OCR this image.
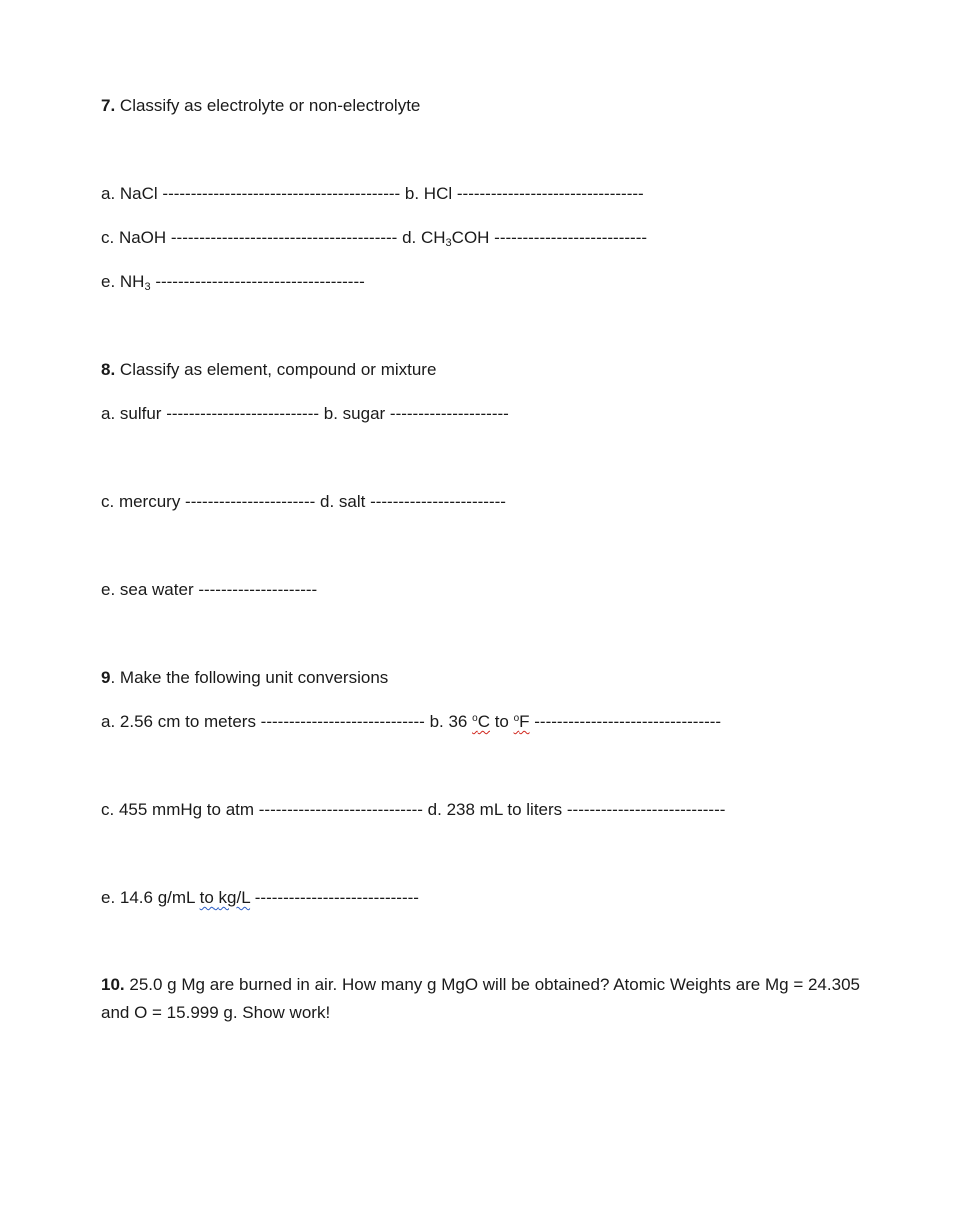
7. Classify as electrolyte or non-electrolyte
a. NaCl ------------------------------------------ b. HCl ---------------------------------
c. NaOH ---------------------------------------- d. $CH_3COH$ ---------------------------
e. $NH_3$ -------------------------------------
8. Classify as element, compound or mixture
a. sulfur --------------------------- b. sugar ---------------------
c. mercury ----------------------- d. salt ------------------------
e. sea water ---------------------
9. Make the following unit conversions
a. 2.56 cm to meters ----------------------------- b. 36 $^o$C to $^o$F ---------------------------------
c. 455 mmHg to atm ----------------------------- d. 238 mL to liters ----------------------------
e. 14.6 g/mL to kg/L -----------------------------
10. 25.0 g Mg are burned in air. How many g MgO will be obtained? Atomic Weights are Mg = 24.305 and O = 15.999 g. Show work!
